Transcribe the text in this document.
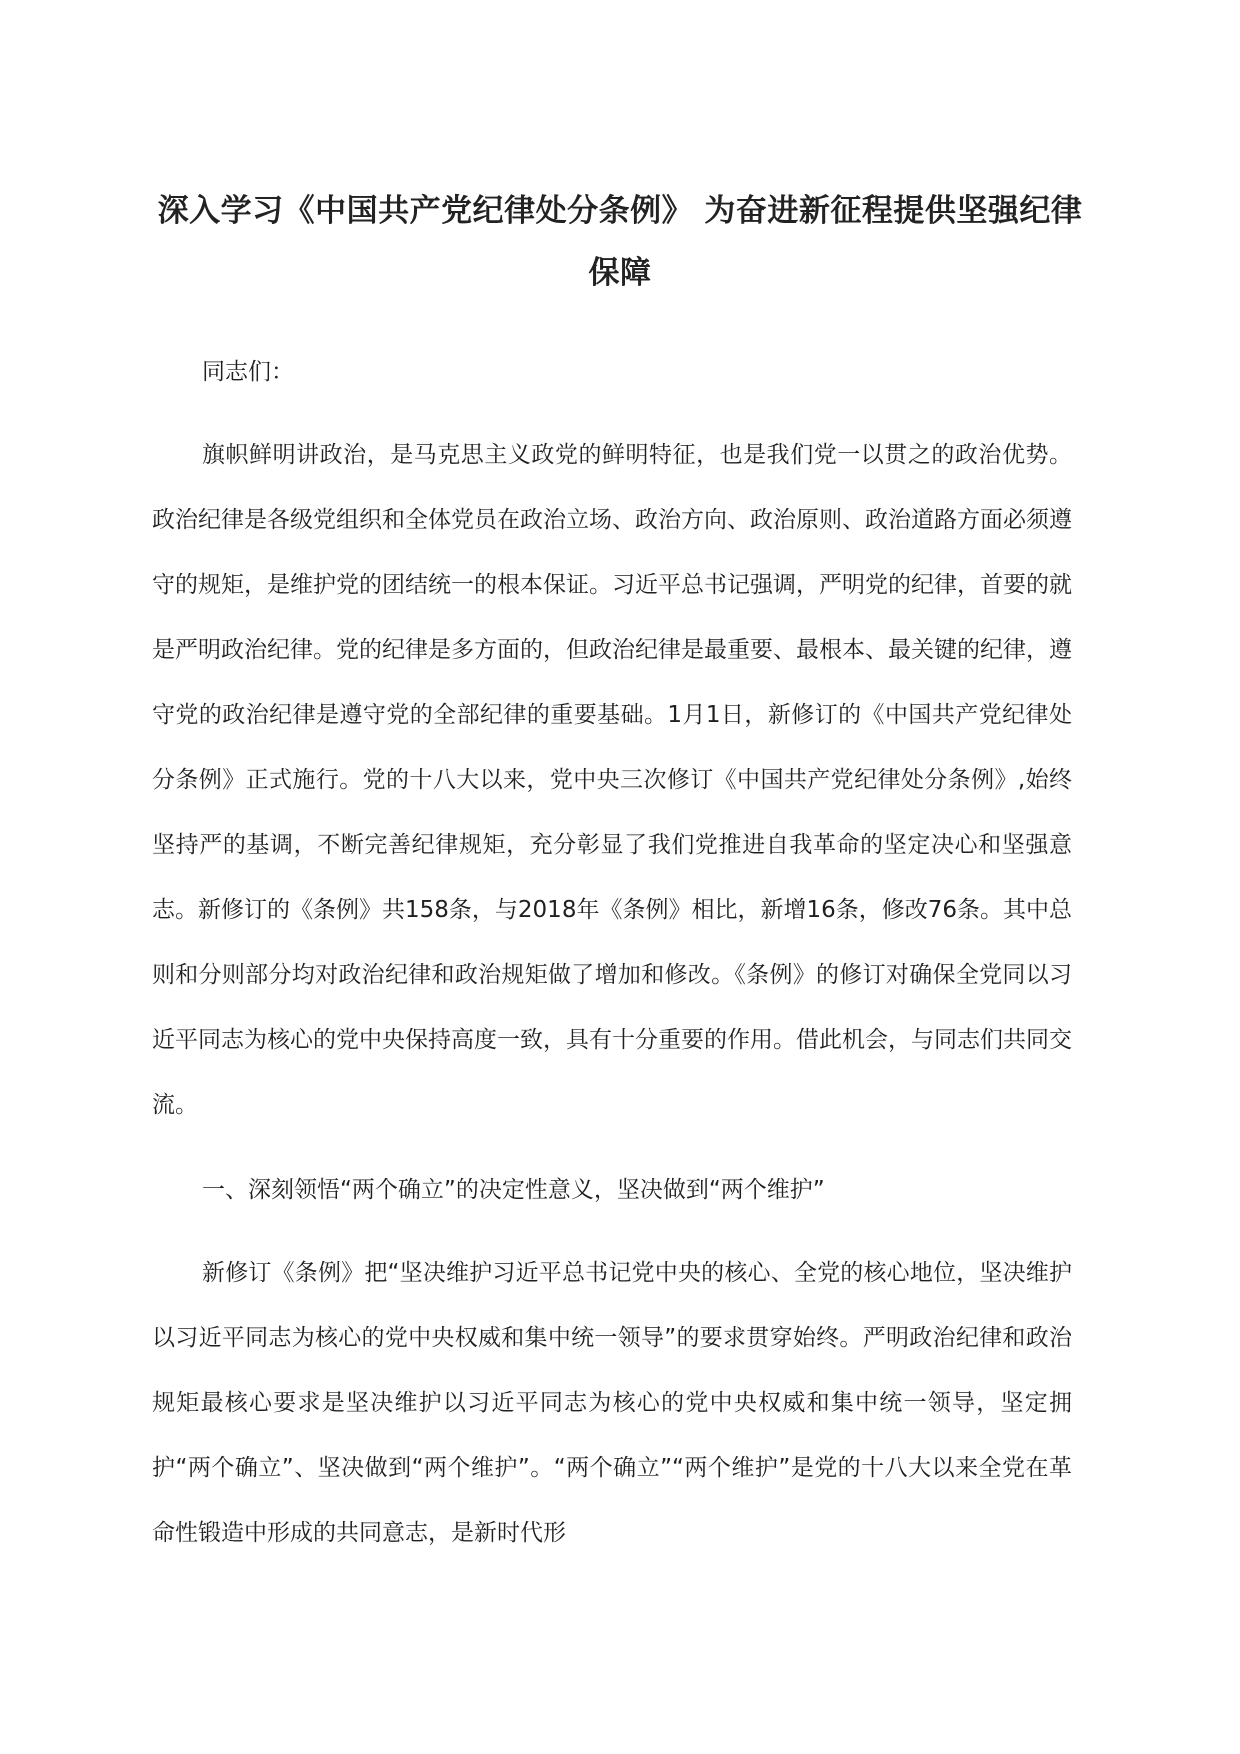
深入学习《中国共产党纪律处分条例》 为奋进新征程提供坚强纪律保障

同志们：

旗帜鲜明讲政治，是马克思主义政党的鲜明特征，也是我们党一以贯之的政治优势。政治纪律是各级党组织和全体党员在政治立场、政治方向、政治原则、政治道路方面必须遵守的规矩，是维护党的团结统一的根本保证。习近平总书记强调，严明党的纪律，首要的就是严明政治纪律。党的纪律是多方面的，但政治纪律是最重要、最根本、最关键的纪律，遵守党的政治纪律是遵守党的全部纪律的重要基础。1月1日，新修订的《中国共产党纪律处分条例》正式施行。党的十八大以来，党中央三次修订《中国共产党纪律处分条例》,始终坚持严的基调，不断完善纪律规矩，充分彰显了我们党推进自我革命的坚定决心和坚强意志。新修订的《条例》共158条，与2018年《条例》相比，新增16条，修改76条。其中总则和分则部分均对政治纪律和政治规矩做了增加和修改。《条例》的修订对确保全党同以习近平同志为核心的党中央保持高度一致，具有十分重要的作用。借此机会，与同志们共同交流。

一、深刻领悟“两个确立”的决定性意义，坚决做到“两个维护”

新修订《条例》把“坚决维护习近平总书记党中央的核心、全党的核心地位，坚决维护以习近平同志为核心的党中央权威和集中统一领导”的要求贯穿始终。严明政治纪律和政治规矩最核心要求是坚决维护以习近平同志为核心的党中央权威和集中统一领导，坚定拥护“两个确立”、坚决做到“两个维护”。“两个确立”“两个维护”是党的十八大以来全党在革命性锻造中形成的共同意志，是新时代形
